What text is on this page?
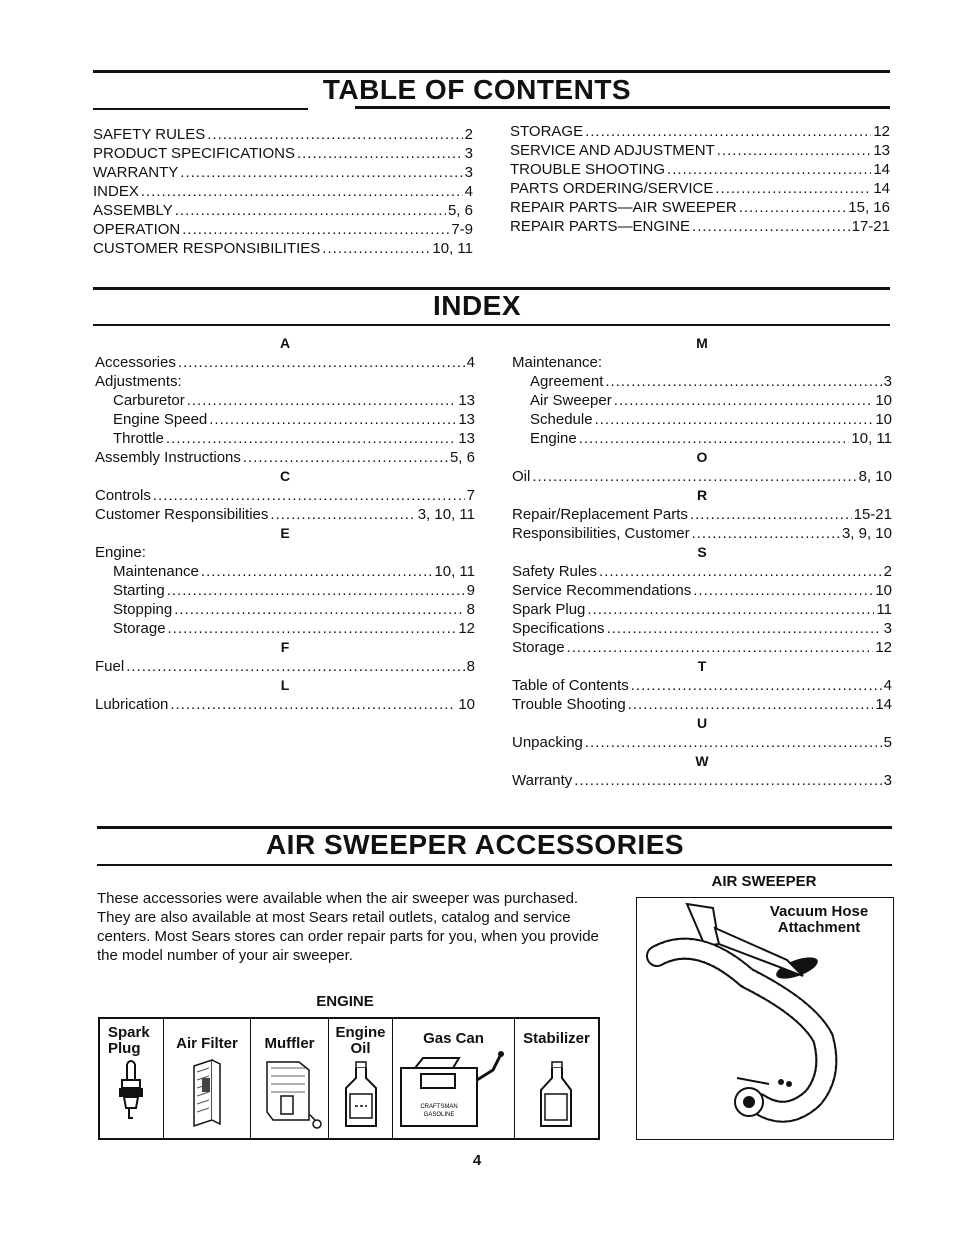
TABLE OF CONTENTS
SAFETY RULES .....	2
PRODUCT SPECIFICATIONS .....	3
WARRANTY .....	3
INDEX .....	4
ASSEMBLY .....	5, 6
OPERATION .....	7-9
CUSTOMER RESPONSIBILITIES .....	10, 11
STORAGE .....	12
SERVICE AND ADJUSTMENT .....	13
TROUBLE SHOOTING .....	14
PARTS ORDERING/SERVICE .....	14
REPAIR PARTS—AIR SWEEPER .....	15, 16
REPAIR PARTS—ENGINE .....	17-21
INDEX
A
Accessories .....	4
Adjustments:
Carburetor .....	13
Engine Speed .....	13
Throttle .....	13
Assembly Instructions .....	5, 6
C
Controls .....	7
Customer Responsibilities .....	3, 10, 11
E
Engine:
Maintenance .....	10, 11
Starting .....	9
Stopping .....	8
Storage .....	12
F
Fuel .....	8
L
Lubrication .....	10
M
Maintenance:
Agreement .....	3
Air Sweeper .....	10
Schedule .....	10
Engine .....	10, 11
O
Oil .....	8, 10
R
Repair/Replacement Parts .....	15-21
Responsibilities, Customer .....	3, 9, 10
S
Safety Rules .....	2
Service Recommendations .....	10
Spark Plug .....	11
Specifications .....	3
Storage .....	12
T
Table of Contents .....	4
Trouble Shooting .....	14
U
Unpacking .....	5
W
Warranty .....	3
AIR SWEEPER ACCESSORIES
These accessories were available when the air sweeper was purchased. They are also available at most Sears retail outlets, catalog and service centers. Most Sears stores can order repair parts for you, when you provide the model number of your air sweeper.
ENGINE
Spark Plug	Air Filter	Muffler
Engine Oil
Gas Can
CRAFTSMAN
GASOLINE
Stabilizer
AIR SWEEPER
Vacuum Hose Attachment
4
